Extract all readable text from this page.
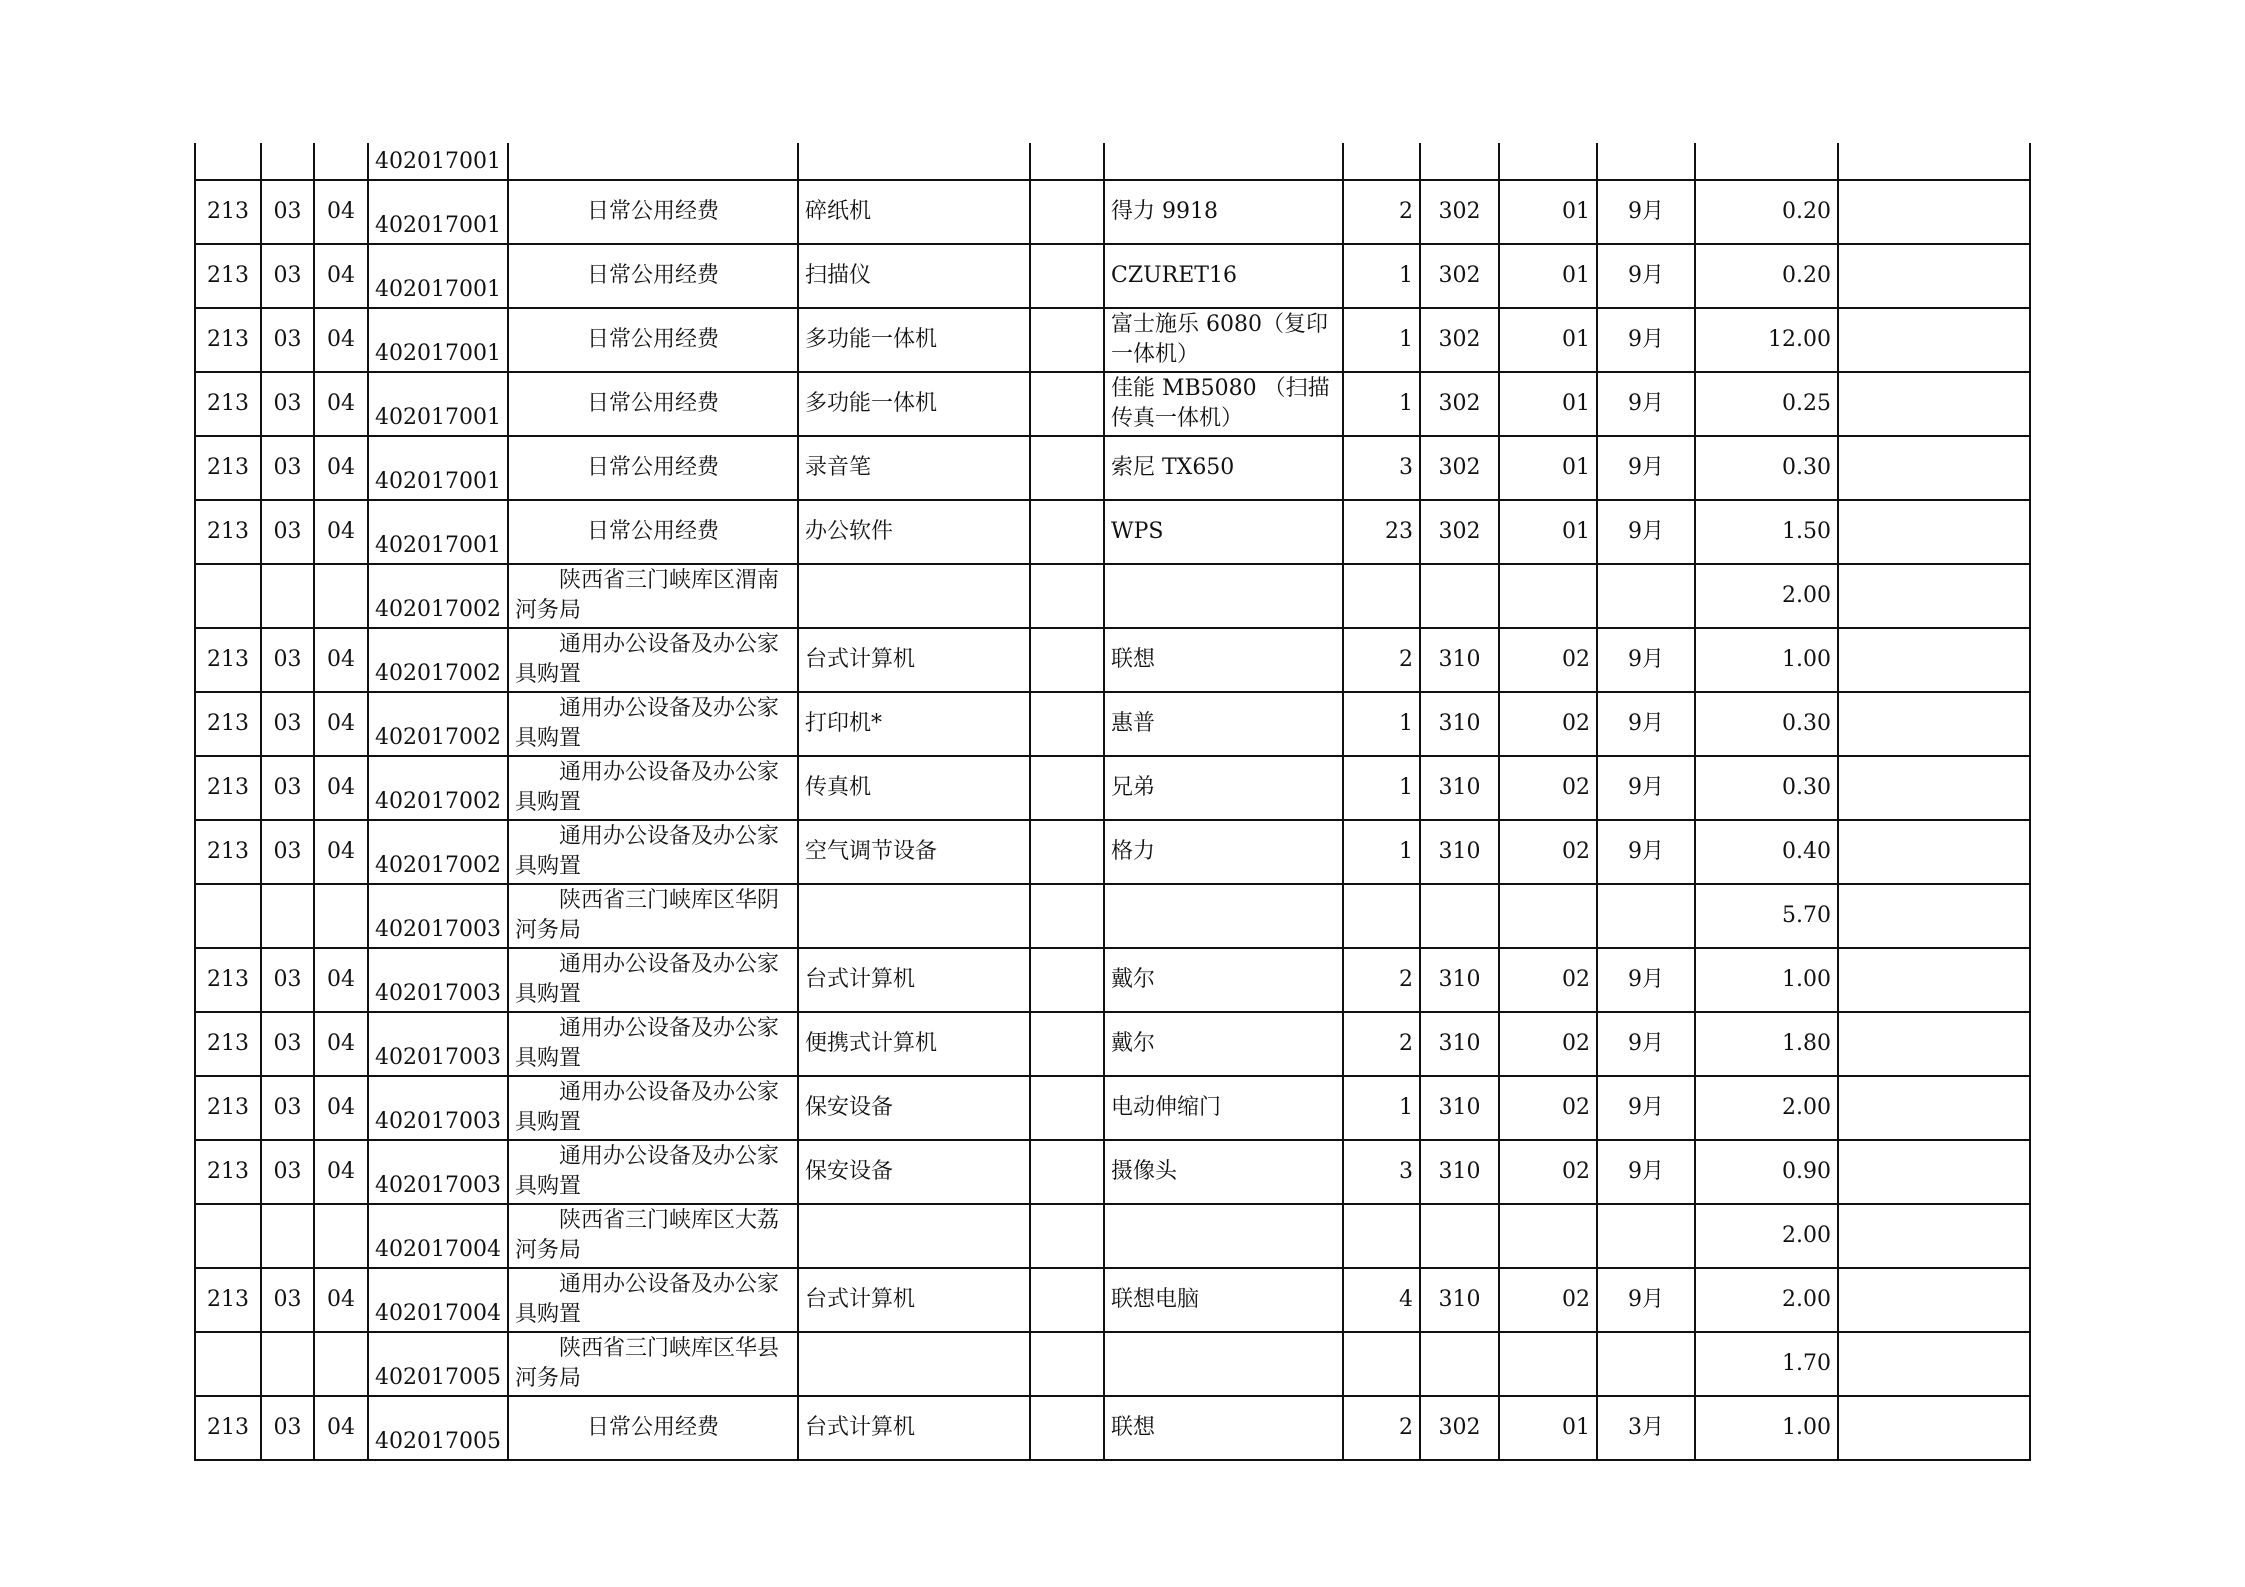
			402017001										
213	03	04	402017001	日常公用经费	碎纸机		得力 9918	2	302	01	9月	0.20	
213	03	04	402017001	日常公用经费	扫描仪		CZURET16	1	302	01	9月	0.20	
213	03	04	402017001	日常公用经费	多功能一体机		富士施乐 6080（复印一体机）	1	302	01	9月	12.00	
213	03	04	402017001	日常公用经费	多功能一体机		佳能 MB5080 （扫描传真一体机）	1	302	01	9月	0.25	
213	03	04	402017001	日常公用经费	录音笔		索尼 TX650	3	302	01	9月	0.30	
213	03	04	402017001	日常公用经费	办公软件		WPS	23	302	01	9月	1.50	
			402017002	陕西省三门峡库区渭南河务局								2.00	
213	03	04	402017002	通用办公设备及办公家具购置	台式计算机		联想	2	310	02	9月	1.00	
213	03	04	402017002	通用办公设备及办公家具购置	打印机*		惠普	1	310	02	9月	0.30	
213	03	04	402017002	通用办公设备及办公家具购置	传真机		兄弟	1	310	02	9月	0.30	
213	03	04	402017002	通用办公设备及办公家具购置	空气调节设备		格力	1	310	02	9月	0.40	
			402017003	陕西省三门峡库区华阴河务局								5.70	
213	03	04	402017003	通用办公设备及办公家具购置	台式计算机		戴尔	2	310	02	9月	1.00	
213	03	04	402017003	通用办公设备及办公家具购置	便携式计算机		戴尔	2	310	02	9月	1.80	
213	03	04	402017003	通用办公设备及办公家具购置	保安设备		电动伸缩门	1	310	02	9月	2.00	
213	03	04	402017003	通用办公设备及办公家具购置	保安设备		摄像头	3	310	02	9月	0.90	
			402017004	陕西省三门峡库区大荔河务局								2.00	
213	03	04	402017004	通用办公设备及办公家具购置	台式计算机		联想电脑	4	310	02	9月	2.00	
			402017005	陕西省三门峡库区华县河务局								1.70	
213	03	04	402017005	日常公用经费	台式计算机		联想	2	302	01	3月	1.00	
